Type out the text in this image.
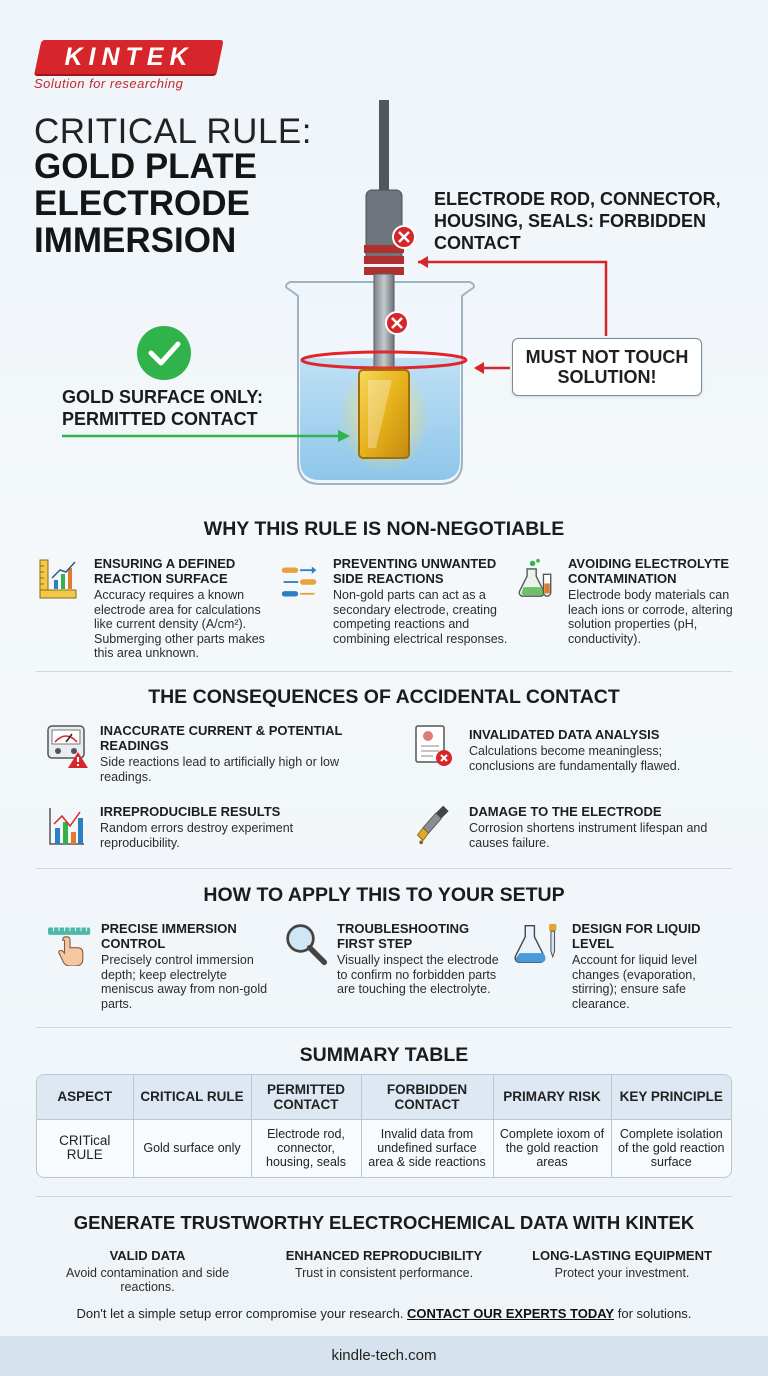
KINTEK
Solution for researching
CRITICAL RULE:
GOLD PLATE ELECTRODE IMMERSION
ELECTRODE ROD, CONNECTOR, HOUSING, SEALS: FORBIDDEN CONTACT
MUST NOT TOUCH SOLUTION!
GOLD SURFACE ONLY: PERMITTED CONTACT
WHY THIS RULE IS NON-NEGOTIABLE
ENSURING A DEFINED REACTION SURFACE
Accuracy requires a known electrode area for calculations like current density (A/cm²). Submerging other parts makes this area unknown.
PREVENTING UNWANTED SIDE REACTIONS
Non-gold parts can act as a secondary electrode, creating competing reactions and combining electrical responses.
AVOIDING ELECTROLYTE CONTAMINATION
Electrode body materials can leach ions or corrode, altering solution properties (pH, conductivity).
THE CONSEQUENCES OF ACCIDENTAL CONTACT
INACCURATE CURRENT & POTENTIAL READINGS
Side reactions lead to artificially high or low readings.
INVALIDATED DATA ANALYSIS
Calculations become meaningless; conclusions are fundamentally flawed.
IRREPRODUCIBLE RESULTS
Random errors destroy experiment reproducibility.
DAMAGE TO THE ELECTRODE
Corrosion shortens instrument lifespan and causes failure.
HOW TO APPLY THIS TO YOUR SETUP
PRECISE IMMERSION CONTROL
Precisely control immersion depth; keep electrelyte meniscus away from non-gold parts.
TROUBLESHOOTING FIRST STEP
Visually inspect the electrode to confirm no forbidden parts are touching the electrolyte.
DESIGN FOR LIQUID LEVEL
Account for liquid level changes (evaporation, stirring); ensure safe clearance.
SUMMARY TABLE
ASPECT	CRITICAL RULE	PERMITTED CONTACT	FORBIDDEN CONTACT	PRIMARY RISK	KEY PRINCIPLE
CRITical RULE	Gold surface only	Electrode rod, connector, housing, seals	Invalid data from undefined surface area & side reactions	Complete ioxom of the gold reaction areas	Complete isolation of the gold reaction surface
GENERATE TRUSTWORTHY ELECTROCHEMICAL DATA WITH KINTEK
VALID DATA
Avoid contamination and side reactions.
ENHANCED REPRODUCIBILITY
Trust in consistent performance.
LONG-LASTING EQUIPMENT
Protect your investment.
Don't let a simple setup error compromise your research. CONTACT OUR EXPERTS TODAY for solutions.
kindle-tech.com
